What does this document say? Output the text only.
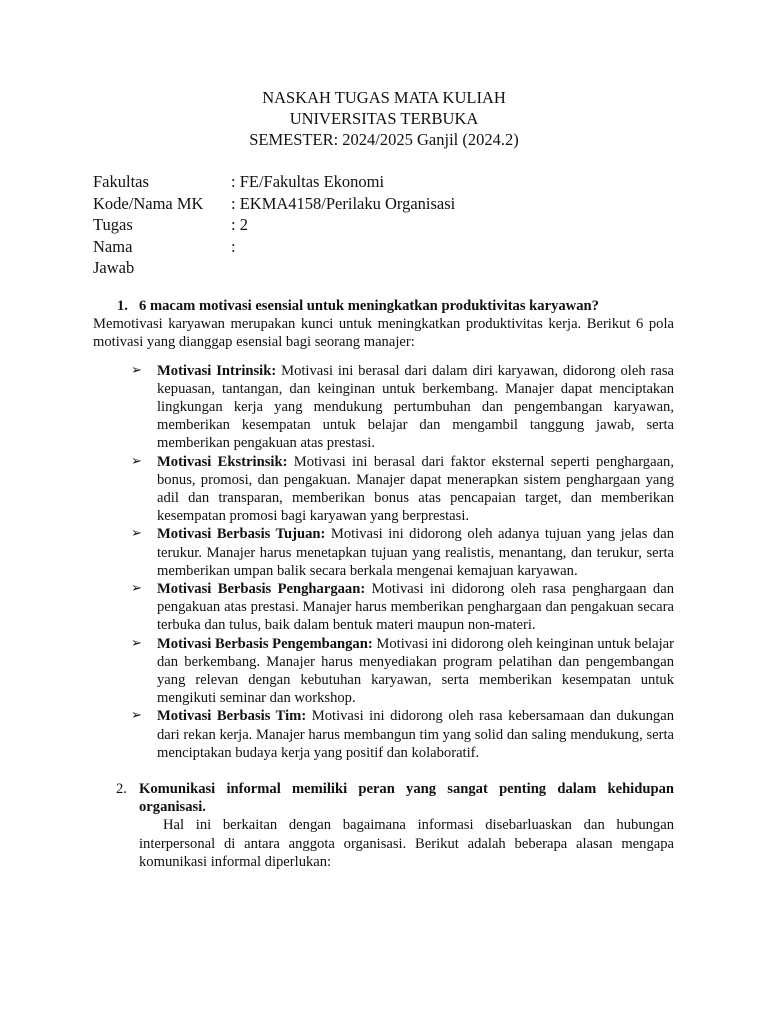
NASKAH TUGAS MATA KULIAH
UNIVERSITAS TERBUKA
SEMESTER: 2024/2025 Ganjil (2024.2)
Fakultas	: FE/Fakultas Ekonomi
Kode/Nama MK	: EKMA4158/Perilaku Organisasi
Tugas	: 2
Nama	:
Jawab
1. 6 macam motivasi esensial untuk meningkatkan produktivitas karyawan?

Memotivasi karyawan merupakan kunci untuk meningkatkan produktivitas kerja. Berikut 6 pola motivasi yang dianggap esensial bagi seorang manajer:

➢ Motivasi Intrinsik: Motivasi ini berasal dari dalam diri karyawan, didorong oleh rasa kepuasan, tantangan, dan keinginan untuk berkembang. Manajer dapat menciptakan lingkungan kerja yang mendukung pertumbuhan dan pengembangan karyawan, memberikan kesempatan untuk belajar dan mengambil tanggung jawab, serta memberikan pengakuan atas prestasi.
➢ Motivasi Ekstrinsik: Motivasi ini berasal dari faktor eksternal seperti penghargaan, bonus, promosi, dan pengakuan. Manajer dapat menerapkan sistem penghargaan yang adil dan transparan, memberikan bonus atas pencapaian target, dan memberikan kesempatan promosi bagi karyawan yang berprestasi.
➢ Motivasi Berbasis Tujuan: Motivasi ini didorong oleh adanya tujuan yang jelas dan terukur. Manajer harus menetapkan tujuan yang realistis, menantang, dan terukur, serta memberikan umpan balik secara berkala mengenai kemajuan karyawan.
➢ Motivasi Berbasis Penghargaan: Motivasi ini didorong oleh rasa penghargaan dan pengakuan atas prestasi. Manajer harus memberikan penghargaan dan pengakuan secara terbuka dan tulus, baik dalam bentuk materi maupun non-materi.
➢ Motivasi Berbasis Pengembangan: Motivasi ini didorong oleh keinginan untuk belajar dan berkembang. Manajer harus menyediakan program pelatihan dan pengembangan yang relevan dengan kebutuhan karyawan, serta memberikan kesempatan untuk mengikuti seminar dan workshop.
➢ Motivasi Berbasis Tim: Motivasi ini didorong oleh rasa kebersamaan dan dukungan dari rekan kerja. Manajer harus membangun tim yang solid dan saling mendukung, serta menciptakan budaya kerja yang positif dan kolaboratif.
2. Komunikasi informal memiliki peran yang sangat penting dalam kehidupan organisasi.

Hal ini berkaitan dengan bagaimana informasi disebarluaskan dan hubungan interpersonal di antara anggota organisasi. Berikut adalah beberapa alasan mengapa komunikasi informal diperlukan:
